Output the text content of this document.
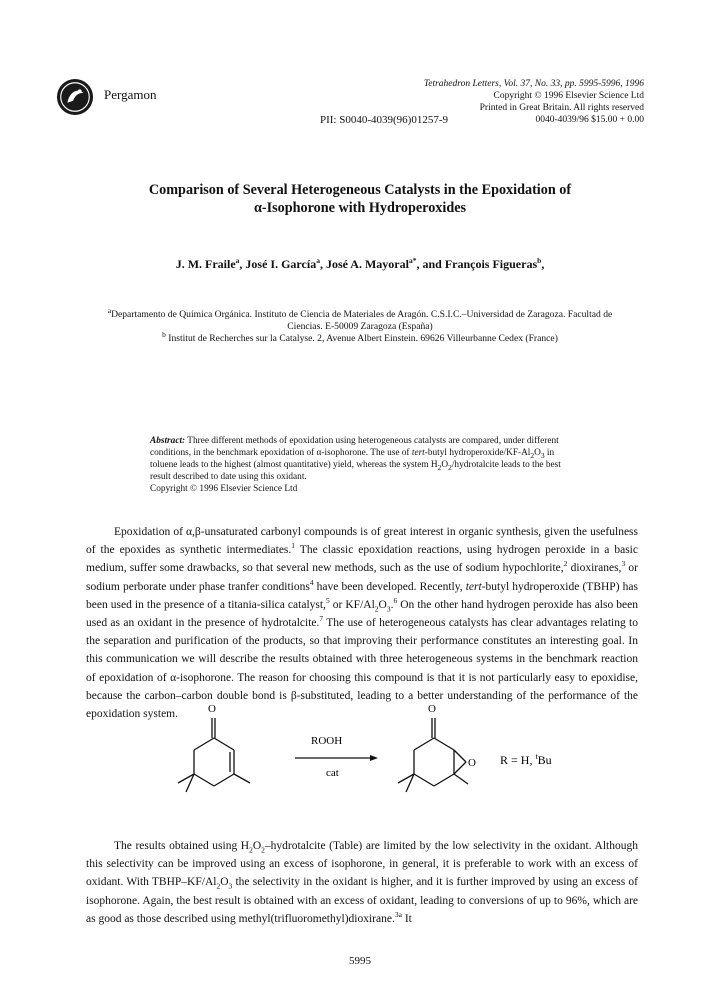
Pergamon
Tetrahedron Letters, Vol. 37, No. 33, pp. 5995-5996, 1996
Copyright © 1996 Elsevier Science Ltd
Printed in Great Britain. All rights reserved
0040-4039/96 $15.00 + 0.00
PII: S0040-4039(96)01257-9
Comparison of Several Heterogeneous Catalysts in the Epoxidation of
α-Isophorone with Hydroperoxides
J. M. Fraile$^a$, José I. García$^a$, José A. Mayoral$^{a*}$, and François Figueras$^b$,
$^a$Departamento de Química Orgánica. Instituto de Ciencia de Materiales de Aragón. C.S.I.C.–Universidad de Zaragoza. Facultad de
Ciencias. E-50009 Zaragoza (España)
$^b$ Institut de Recherches sur la Catalyse. 2, Avenue Albert Einstein. 69626 Villeurbanne Cedex (France)
Abstract: Three different methods of epoxidation using heterogeneous catalysts are compared, under different conditions, in the benchmark epoxidation of α-isophorone. The use of tert-butyl hydroperoxide/$KF-Al_2O_3$ in toluene leads to the highest (almost quantitative) yield, whereas the system $H_2O_2$/hydrotalcite leads to the best result described to date using this oxidant.
Copyright © 1996 Elsevier Science Ltd

Epoxidation of α,β-unsaturated carbonyl compounds is of great interest in organic synthesis, given the usefulness of the epoxides as synthetic intermediates.$^1$ The classic epoxidation reactions, using hydrogen peroxide in a basic medium, suffer some drawbacks, so that several new methods, such as the use of sodium hypochlorite,$^2$ dioxiranes,$^3$ or sodium perborate under phase tranfer conditions$^4$ have been developed. Recently, tert-butyl hydroperoxide (TBHP) has been used in the presence of a titania-silica catalyst,$^5$ or $KF/Al_2O_3.^6$ On the other hand hydrogen peroxide has also been used as an oxidant in the presence of hydrotalcite.$^7$ The use of heterogeneous catalysts has clear advantages relating to the separation and purification of the products, so that improving their performance constitutes an interesting goal. In this communication we will describe the results obtained with three heterogeneous systems in the benchmark reaction of epoxidation of α-isophorone. The reason for choosing this compound is that it is not particularly easy to epoxidise, because the carbon–carbon double bond is β-substituted, leading to a better understanding of the performance of the epoxidation system.	O
ROOH
cat
O
O R = H, $^t$Bu

The results obtained using $H_2O_2$–hydrotalcite (Table) are limited by the low selectivity in the oxidant. Although this selectivity can be improved using an excess of isophorone, in general, it is preferable to work with an excess of oxidant. With TBHP–$KF/Al_2O_3$ the selectivity in the oxidant is higher, and it is further improved by using an excess of isophorone. Again, the best result is obtained with an excess of oxidant, leading to conversions of up to 96%, which are as good as those described using methyl(trifluoromethyl)dioxirane.$^{3a}$ It

5995
